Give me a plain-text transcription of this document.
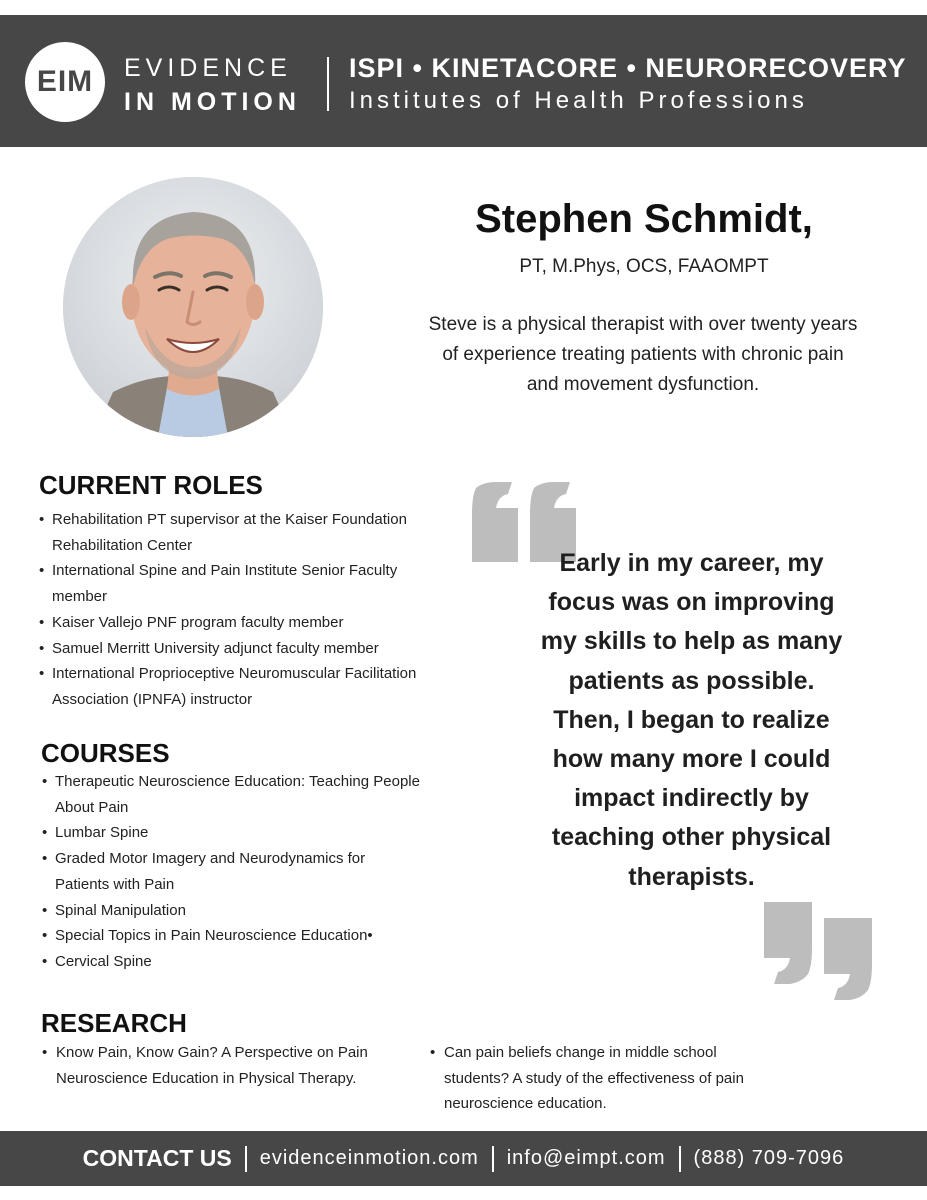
EIM	EVIDENCE
IN MOTION
ISPI • KINETACORE • NEURORECOVERY
Institutes of Health Professions
Stephen Schmidt,
PT, M.Phys, OCS, FAAOMPT
Steve is a physical therapist with over twenty years of experience treating patients with chronic pain and movement dysfunction.
CURRENT ROLES
• Rehabilitation PT supervisor at the Kaiser Foundation Rehabilitation Center
• International Spine and Pain Institute Senior Faculty member
• Kaiser Vallejo PNF program faculty member
• Samuel Merritt University adjunct faculty member
• International Proprioceptive Neuromuscular Facilitation Association (IPNFA) instructor
COURSES
• Therapeutic Neuroscience Education: Teaching People About Pain
• Lumbar Spine
• Graded Motor Imagery and Neurodynamics for Patients with Pain
• Spinal Manipulation
• Special Topics in Pain Neuroscience Education•
• Cervical Spine
Early in my career, my focus was on improving my skills to help as many patients as possible. Then, I began to realize how many more I could impact indirectly by teaching other physical therapists.
RESEARCH
• Know Pain, Know Gain? A Perspective on Pain Neuroscience Education in Physical Therapy.
• Can pain beliefs change in middle school students? A study of the effectiveness of pain neuroscience education.
CONTACT US evidenceinmotion.com info@eimpt.com (888) 709-7096
